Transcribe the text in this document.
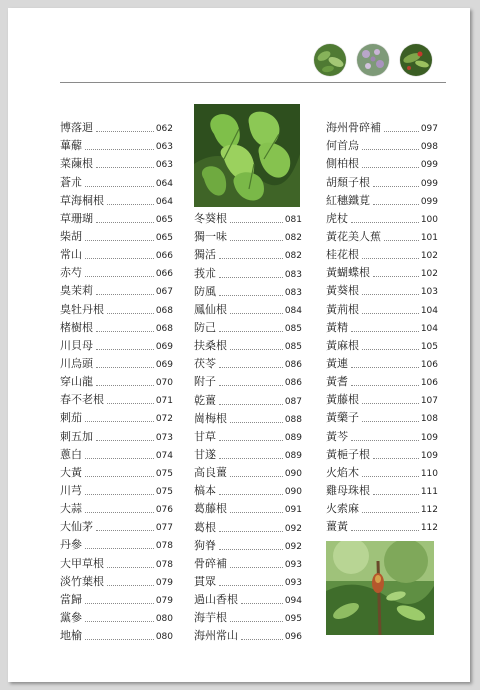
博落迴	062
蓽薢	063
菜蔯根	063
蒼朮	064
草海桐根	064
草珊瑚	065
柴胡	065
常山	066
赤芍	066
臭茉莉	067
臭牡丹根	068
楮樹根	068
川貝母	069
川烏頭	069
穿山龍	070
春不老根	071
刺茄	072
刺五加	073
蔥白	074
大黃	075
川芎	075
大蒜	076
大仙茅	077
丹參	078
大甲草根	078
淡竹葉根	079
當歸	079
黨參	080
地榆	080
冬葵根	081
獨一味	082
獨活	082
莪朮	083
防風	083
鳳仙根	084
防己	085
扶桑根	085
茯苓	086
附子	086
乾薑	087
崗梅根	088
甘草	089
甘遂	089
高良薑	090
槁本	090
葛藤根	091
葛根	092
狗脊	092
骨碎補	093
貫眾	093
過山香根	094
海芋根	095
海州常山	096
海州骨碎補	097
何首烏	098
側柏根	099
胡頹子根	099
紅穗鐵莧	099
虎杖	100
黃花美人蕉	101
桂花根	102
黃蝴蝶根	102
黃葵根	103
黃荊根	104
黃精	104
黃麻根	105
黃連	106
黃耆	106
黃藤根	107
黃藥子	108
黃芩	109
黃梔子根	109
火焰木	110
雞母珠根	111
火索麻	112
薑黃	112
